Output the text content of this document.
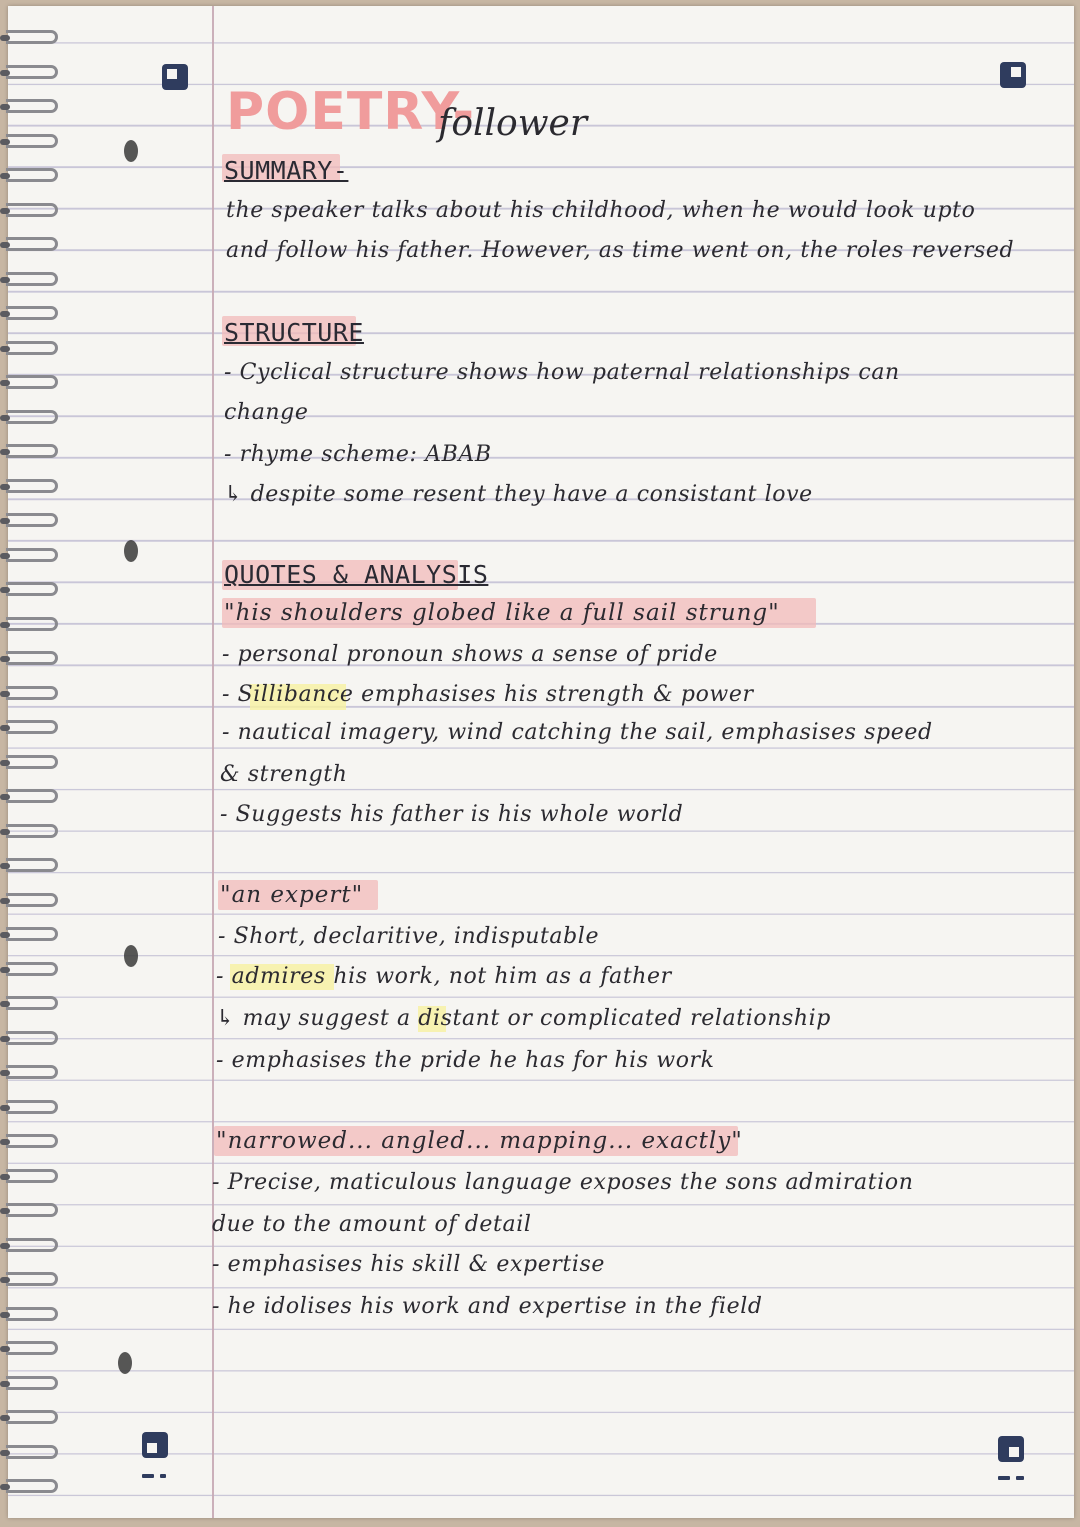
POETRY-
follower
SUMMARY-
the speaker talks about his childhood, when he would look upto
and follow his father. However, as time went on, the roles reversed
STRUCTURE
- Cyclical structure shows how paternal relationships can
change
- rhyme scheme: ABAB
↳ despite some resent they have a consistant love
QUOTES & ANALYSIS
"his shoulders globed like a full sail strung"
- personal pronoun shows a sense of pride
- Sillibance emphasises his strength & power
- nautical imagery, wind catching the sail, emphasises speed
& strength
- Suggests his father is his whole world
"an expert"
- Short, declaritive, indisputable
- admires his work, not him as a father
↳ may suggest a distant or complicated relationship
- emphasises the pride he has for his work
"narrowed... angled... mapping... exactly"
- Precise, maticulous language exposes the sons admiration
due to the amount of detail
- emphasises his skill & expertise
- he idolises his work and expertise in the field
